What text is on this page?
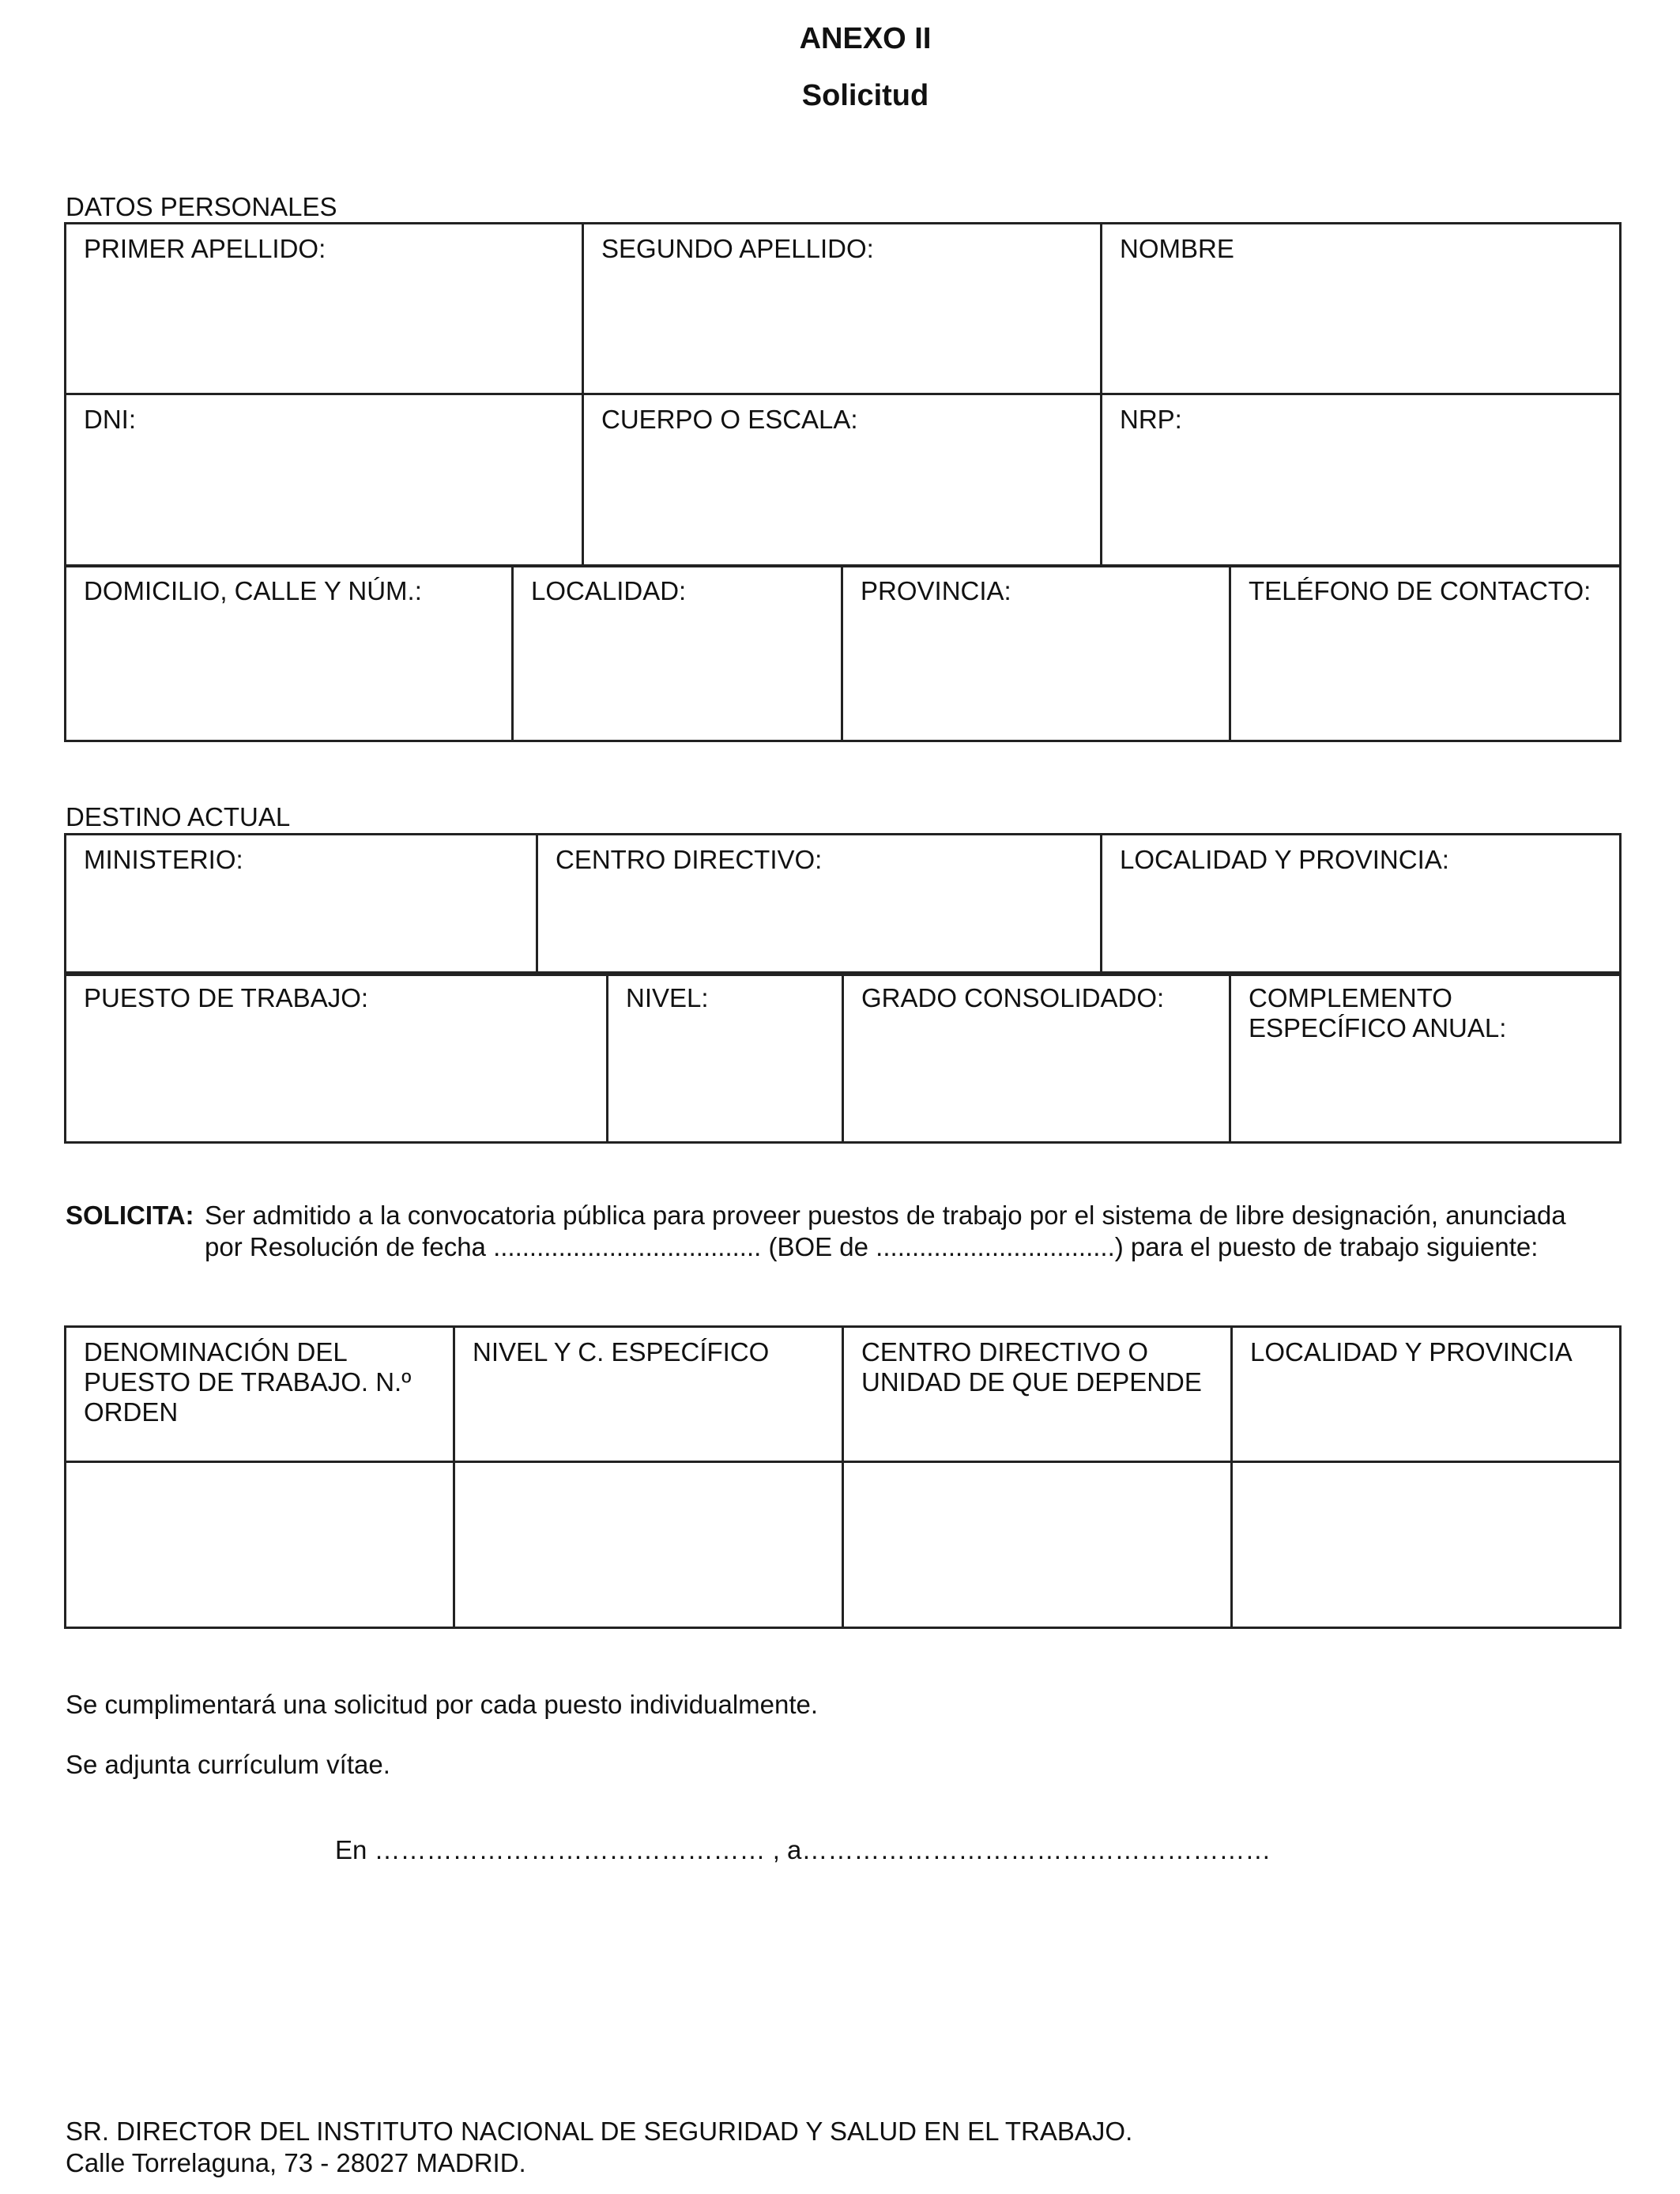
ANEXO II
Solicitud
DATOS PERSONALES
PRIMER APELLIDO:	SEGUNDO APELLIDO:	NOMBRE
DNI:	CUERPO O ESCALA:	NRP:
DOMICILIO, CALLE Y NÚM.:	LOCALIDAD:	PROVINCIA:	TELÉFONO DE CONTACTO:
DESTINO ACTUAL
MINISTERIO:	CENTRO DIRECTIVO:	LOCALIDAD Y PROVINCIA:
PUESTO DE TRABAJO:	NIVEL:	GRADO CONSOLIDADO:	COMPLEMENTO ESPECÍFICO ANUAL:
SOLICITA: Ser admitido a la convocatoria pública para proveer puestos de trabajo por el sistema de libre designación, anunciada
por Resolución de fecha ..................................... (BOE de .................................) para el puesto de trabajo siguiente:
DENOMINACIÓN DEL PUESTO DE TRABAJO. N.º ORDEN	NIVEL Y C. ESPECÍFICO	CENTRO DIRECTIVO O UNIDAD DE QUE DEPENDE	LOCALIDAD Y PROVINCIA

Se cumplimentará una solicitud por cada puesto individualmente.
Se adjunta currículum vítae.
En ……………………………………… , a………………………………………………
SR. DIRECTOR DEL INSTITUTO NACIONAL DE SEGURIDAD Y SALUD EN EL TRABAJO.
Calle Torrelaguna, 73 - 28027 MADRID.
